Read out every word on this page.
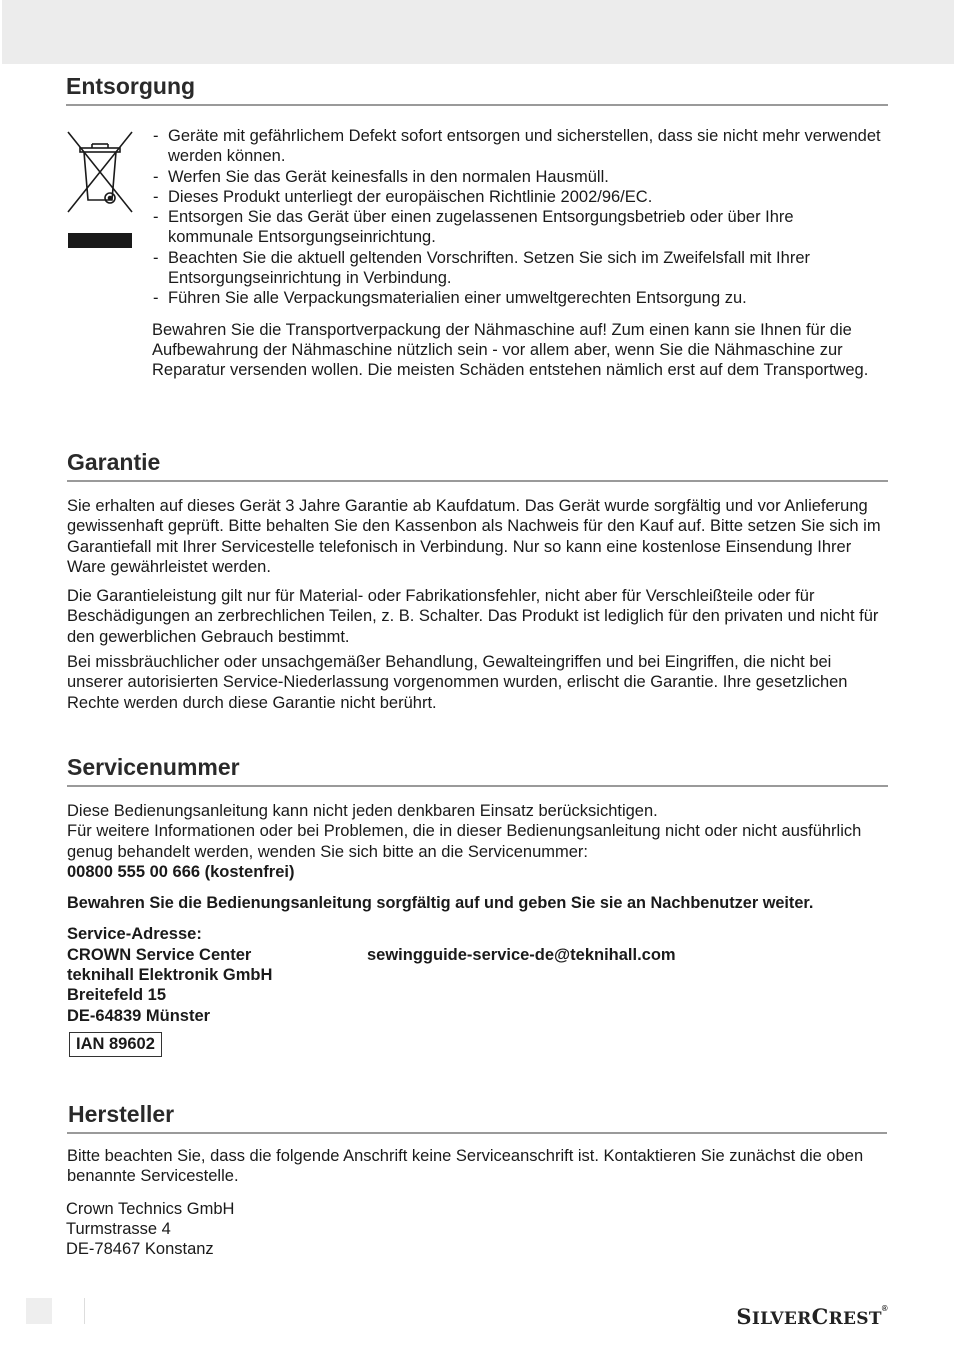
Entsorgung
- Geräte mit gefährlichem Defekt sofort entsorgen und sicherstellen, dass sie nicht mehr verwendet werden können.
- Werfen Sie das Gerät keinesfalls in den normalen Hausmüll.
- Dieses Produkt unterliegt der europäischen Richtlinie 2002/96/EC.
- Entsorgen Sie das Gerät über einen zugelassenen Entsorgungsbetrieb oder über Ihre kommunale Entsorgungseinrichtung.
- Beachten Sie die aktuell geltenden Vorschriften. Setzen Sie sich im Zweifelsfall mit Ihrer Entsorgungseinrichtung in Verbindung.
- Führen Sie alle Verpackungsmaterialien einer umweltgerechten Entsorgung zu.

Bewahren Sie die Transportverpackung der Nähmaschine auf! Zum einen kann sie Ihnen für die Aufbewahrung der Nähmaschine nützlich sein - vor allem aber, wenn Sie die Nähmaschine zur Reparatur versenden wollen. Die meisten Schäden entstehen nämlich erst auf dem Transportweg.

Garantie

Sie erhalten auf dieses Gerät 3 Jahre Garantie ab Kaufdatum. Das Gerät wurde sorgfältig und vor Anlieferung gewissenhaft geprüft. Bitte behalten Sie den Kassenbon als Nachweis für den Kauf auf. Bitte setzen Sie sich im Garantiefall mit Ihrer Servicestelle telefonisch in Verbindung. Nur so kann eine kostenlose Einsendung Ihrer Ware gewährleistet werden.

Die Garantieleistung gilt nur für Material- oder Fabrikationsfehler, nicht aber für Verschleißteile oder für Beschädigungen an zerbrechlichen Teilen, z. B. Schalter. Das Produkt ist lediglich für den privaten und nicht für den gewerblichen Gebrauch bestimmt.

Bei missbräuchlicher oder unsachgemäßer Behandlung, Gewalteingriffen und bei Eingriffen, die nicht bei unserer autorisierten Service-Niederlassung vorgenommen wurden, erlischt die Garantie. Ihre gesetzlichen Rechte werden durch diese Garantie nicht berührt.

Servicenummer

Diese Bedienungsanleitung kann nicht jeden denkbaren Einsatz berücksichtigen.

Für weitere Informationen oder bei Problemen, die in dieser Bedienungsanleitung nicht oder nicht ausführlich genug behandelt werden, wenden Sie sich bitte an die Servicenummer:

00800 555 00 666 (kostenfrei)

Bewahren Sie die Bedienungsanleitung sorgfältig auf und geben Sie sie an Nachbenutzer weiter.

Service-Adresse:

CROWN Service Center

teknihall Elektronik GmbH

Breitefeld 15

DE-64839 Münster

sewingguide-service-de@teknihall.com

IAN 89602
Hersteller

Bitte beachten Sie, dass die folgende Anschrift keine Serviceanschrift ist. Kontaktieren Sie zunächst die oben benannte Servicestelle.

Crown Technics GmbH

Turmstrasse 4

DE-78467 Konstanz

SILVERCREST®
